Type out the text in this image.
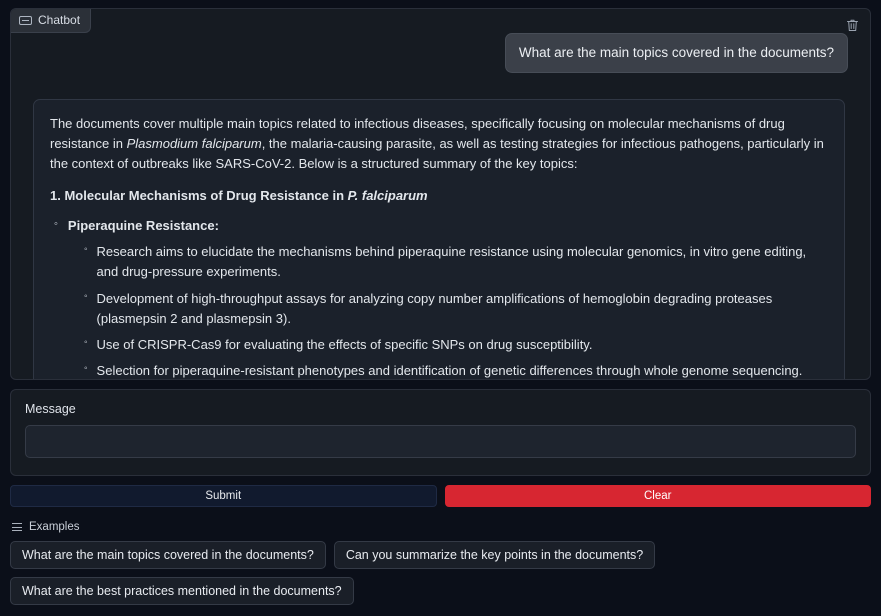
Chatbot
What are the main topics covered in the documents?

The documents cover multiple main topics related to infectious diseases, specifically focusing on molecular mechanisms of drug resistance in Plasmodium falciparum, the malaria-causing parasite, as well as testing strategies for infectious pathogens, particularly in the context of outbreaks like SARS-CoV-2. Below is a structured summary of the key topics:

1. Molecular Mechanisms of Drug Resistance in P. falciparum

◦ Piperaquine Resistance:
◦ Research aims to elucidate the mechanisms behind piperaquine resistance using molecular genomics, in vitro gene editing, and drug-pressure experiments.
◦ Development of high-throughput assays for analyzing copy number amplifications of hemoglobin degrading proteases (plasmepsin 2 and plasmepsin 3).
◦ Use of CRISPR-Cas9 for evaluating the effects of specific SNPs on drug susceptibility.
◦ Selection for piperaquine-resistant phenotypes and identification of genetic differences through whole genome sequencing.
Message
Submit	Clear
Examples
What are the main topics covered in the documents?	Can you summarize the key points in the documents?
What are the best practices mentioned in the documents?
